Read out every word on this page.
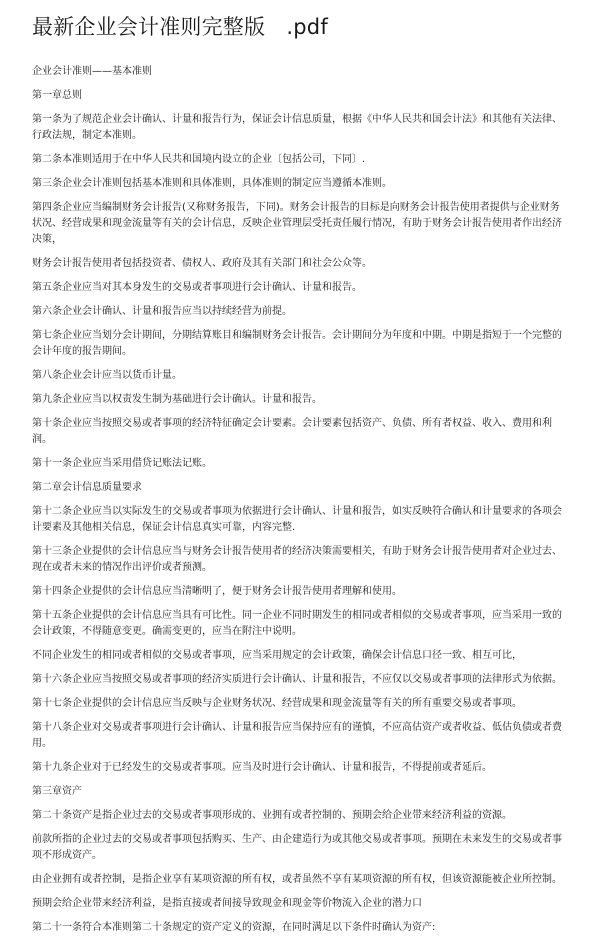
最新企业会计准则完整版　.pdf

企业会计准则——基本准则

第一章总则

第一条为了规范企业会计确认、计量和报告行为，保证会计信息质量，根据《中华人民共和国会计法》和其他有关法律、行政法规，制定本准则。

第二条本准则适用于在中华人民共和国境内设立的企业〔包括公司，下同〕.

第三条企业会计准则包括基本准则和具体准则，具体准则的制定应当遵循本准则。

第四条企业应当编制财务会计报告(又称财务报告，下同)。财务会计报告的目标是向财务会计报告使用者提供与企业财务状况、经营成果和现金流量等有关的会计信息，反映企业管理层受托责任履行情况，有助于财务会计报告使用者作出经济决策，

财务会计报告使用者包括投资者、债权人、政府及其有关部门和社会公众等。

第五条企业应当对其本身发生的交易或者事项进行会计确认、计量和报告。

第六条企业会计确认、计量和报告应当以持续经营为前提。

第七条企业应当划分会计期间，分期结算账目和编制财务会计报告。会计期间分为年度和中期。中期是指短于一个完整的会计年度的报告期间。

第八条企业会计应当以货币计量。

第九条企业应当以权责发生制为基础进行会计确认。计量和报告。

第十条企业应当按照交易或者事项的经济特征确定会计要素。会计要素包括资产、负债、所有者权益、收入、费用和利润。

第十一条企业应当采用借贷记账法记账。

第二章会计信息质量要求

第十二条企业应当以实际发生的交易或者事项为依据进行会计确认、计量和报告，如实反映符合确认和计量要求的各项会计要素及其他相关信息，保证会计信息真实可靠，内容完整.

第十三条企业提供的会计信息应当与财务会计报告使用者的经济决策需要相关，有助于财务会计报告使用者对企业过去、现在或者未来的情况作出评价或者预测。

第十四条企业提供的会计信息应当清晰明了，便于财务会计报告使用者理解和使用。

第十五条企业提供的会计信息应当具有可比性。同一企业不同时期发生的相同或者相似的交易或者事项，应当采用一致的会计政策，不得随意变更。确需变更的，应当在附注中说明。

不同企业发生的相同或者相似的交易或者事项，应当采用规定的会计政策，确保会计信息口径一致、相互可比，

第十六条企业应当按照交易或者事项的经济实质进行会计确认、计量和报告，不应仅以交易或者事项的法律形式为依据。

第十七条企业提供的会计信息应当反映与企业财务状况、经营成果和现金流量等有关的所有重要交易或者事项。

第十八条企业对交易或者事项进行会计确认、计量和报告应当保持应有的谨慎，不应高估资产或者收益、低估负债或者费用。

第十九条企业对于已经发生的交易或者事项。应当及时进行会计确认、计量和报告，不得提前或者延后。

第三章资产

第二十条资产是指企业过去的交易或者事项形成的、业拥有或者控制的、预期会给企业带来经济利益的资源。

前款所指的企业过去的交易或者事项包括购买、生产、由企建造行为或其他交易或者事项。预期在未来发生的交易或者事项不形成资产。

由企业拥有或者控制，是指企业享有某项资源的所有权，或者虽然不享有某项资源的所有权，但该资源能被企业所控制。

预期会给企业带来经济利益，是指直接或者间接导致现金和现金等价物流入企业的潜力口

第二十一条符合本准则第二十条规定的资产定义的资源，在同时满足以下条件时确认为资产:
